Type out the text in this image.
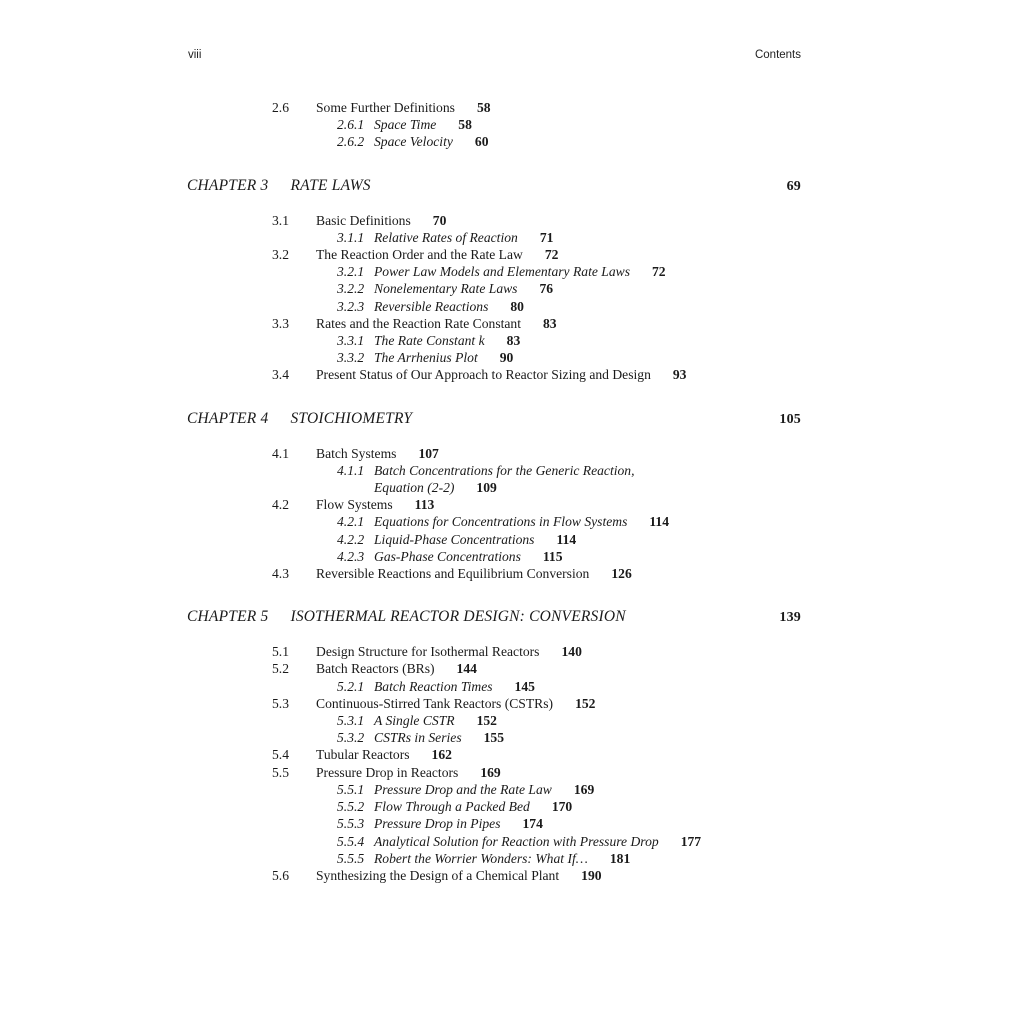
viii	Contents
2.6	Some Further Definitions 58
2.6.1 Space Time 58
2.6.2 Space Velocity 60
CHAPTER 3 RATE LAWS	69
3.1	Basic Definitions 70
3.1.1 Relative Rates of Reaction 71
3.2	The Reaction Order and the Rate Law 72
3.2.1 Power Law Models and Elementary Rate Laws 72
3.2.2 Nonelementary Rate Laws 76
3.2.3 Reversible Reactions 80
3.3	Rates and the Reaction Rate Constant 83
3.3.1 The Rate Constant k 83
3.3.2 The Arrhenius Plot 90
3.4	Present Status of Our Approach to Reactor Sizing and Design 93
CHAPTER 4 STOICHIOMETRY	105
4.1	Batch Systems 107
4.1.1 Batch Concentrations for the Generic Reaction,
Equation (2-2) 109
4.2	Flow Systems 113
4.2.1 Equations for Concentrations in Flow Systems 114
4.2.2 Liquid-Phase Concentrations 114
4.2.3 Gas-Phase Concentrations 115
4.3	Reversible Reactions and Equilibrium Conversion 126
CHAPTER 5 ISOTHERMAL REACTOR DESIGN: CONVERSION	139
5.1	Design Structure for Isothermal Reactors 140
5.2	Batch Reactors (BRs) 144
5.2.1 Batch Reaction Times 145
5.3	Continuous-Stirred Tank Reactors (CSTRs) 152
5.3.1 A Single CSTR 152
5.3.2 CSTRs in Series 155
5.4	Tubular Reactors 162
5.5	Pressure Drop in Reactors 169
5.5.1 Pressure Drop and the Rate Law 169
5.5.2 Flow Through a Packed Bed 170
5.5.3 Pressure Drop in Pipes 174
5.5.4 Analytical Solution for Reaction with Pressure Drop 177
5.5.5 Robert the Worrier Wonders: What If… 181
5.6	Synthesizing the Design of a Chemical Plant 190
